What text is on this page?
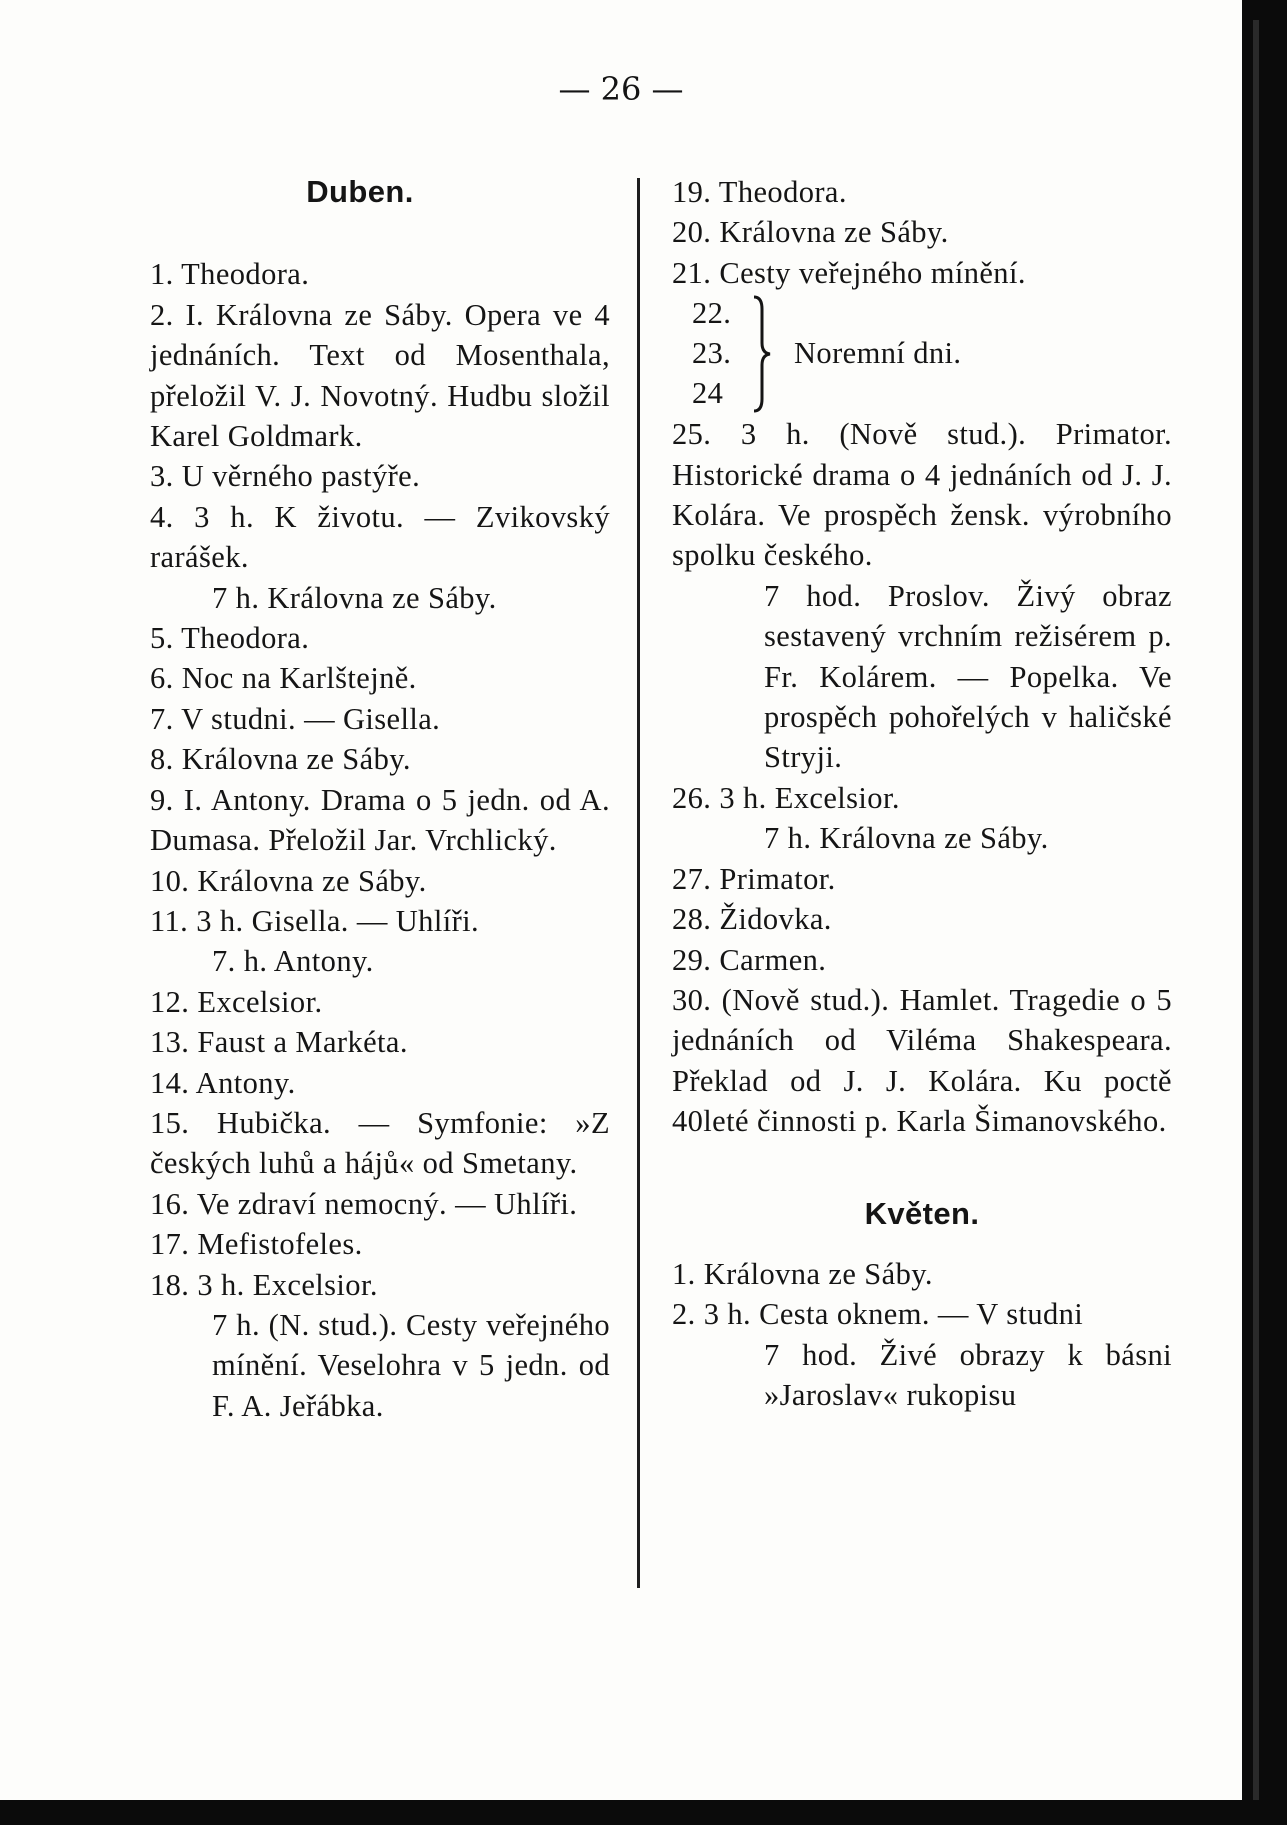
— 26 —
Duben.
1. Theodora.
2. I. Královna ze Sáby. Opera ve 4 jednáních. Text od Mosenthala, přeložil V. J. Novotný. Hudbu složil Karel Goldmark.
3. U věrného pastýře.
4. 3 h. K životu. — Zvikovský rarášek.
7 h. Královna ze Sáby.
5. Theodora.
6. Noc na Karlštejně.
7. V studni. — Gisella.
8. Královna ze Sáby.
9. I. Antony. Drama o 5 jedn. od A. Dumasa. Přeložil Jar. Vrchlický.
10. Královna ze Sáby.
11. 3 h. Gisella. — Uhlíři.
7. h. Antony.
12. Excelsior.
13. Faust a Markéta.
14. Antony.
15. Hubička. — Symfonie: »Z českých luhů a hájů« od Smetany.
16. Ve zdraví nemocný. — Uhlíři.
17. Mefistofeles.
18. 3 h. Excelsior.
7 h. (N. stud.). Cesty veřejného mínění. Veselohra v 5 jedn. od F. A. Jeřábka.
19. Theodora.
20. Královna ze Sáby.
21. Cesty veřejného mínění.
22.
23.
24
Noremní dni.
25. 3 h. (Nově stud.). Primator. Historické drama o 4 jednáních od J. J. Kolára. Ve prospěch žensk. výrobního spolku českého.
7 hod. Proslov. Živý obraz sestavený vrchním režisérem p. Fr. Kolárem. — Popelka. Ve prospěch pohořelých v haličské Stryji.
26. 3 h. Excelsior.
7 h. Královna ze Sáby.
27. Primator.
28. Židovka.
29. Carmen.
30. (Nově stud.). Hamlet. Tragedie o 5 jednáních od Viléma Shakespeara. Překlad od J. J. Kolára. Ku poctě 40leté činnosti p. Karla Šimanovského.
Květen.
1. Královna ze Sáby.
2. 3 h. Cesta oknem. — V studni
7 hod. Živé obrazy k básni »Jaroslav« rukopisu
